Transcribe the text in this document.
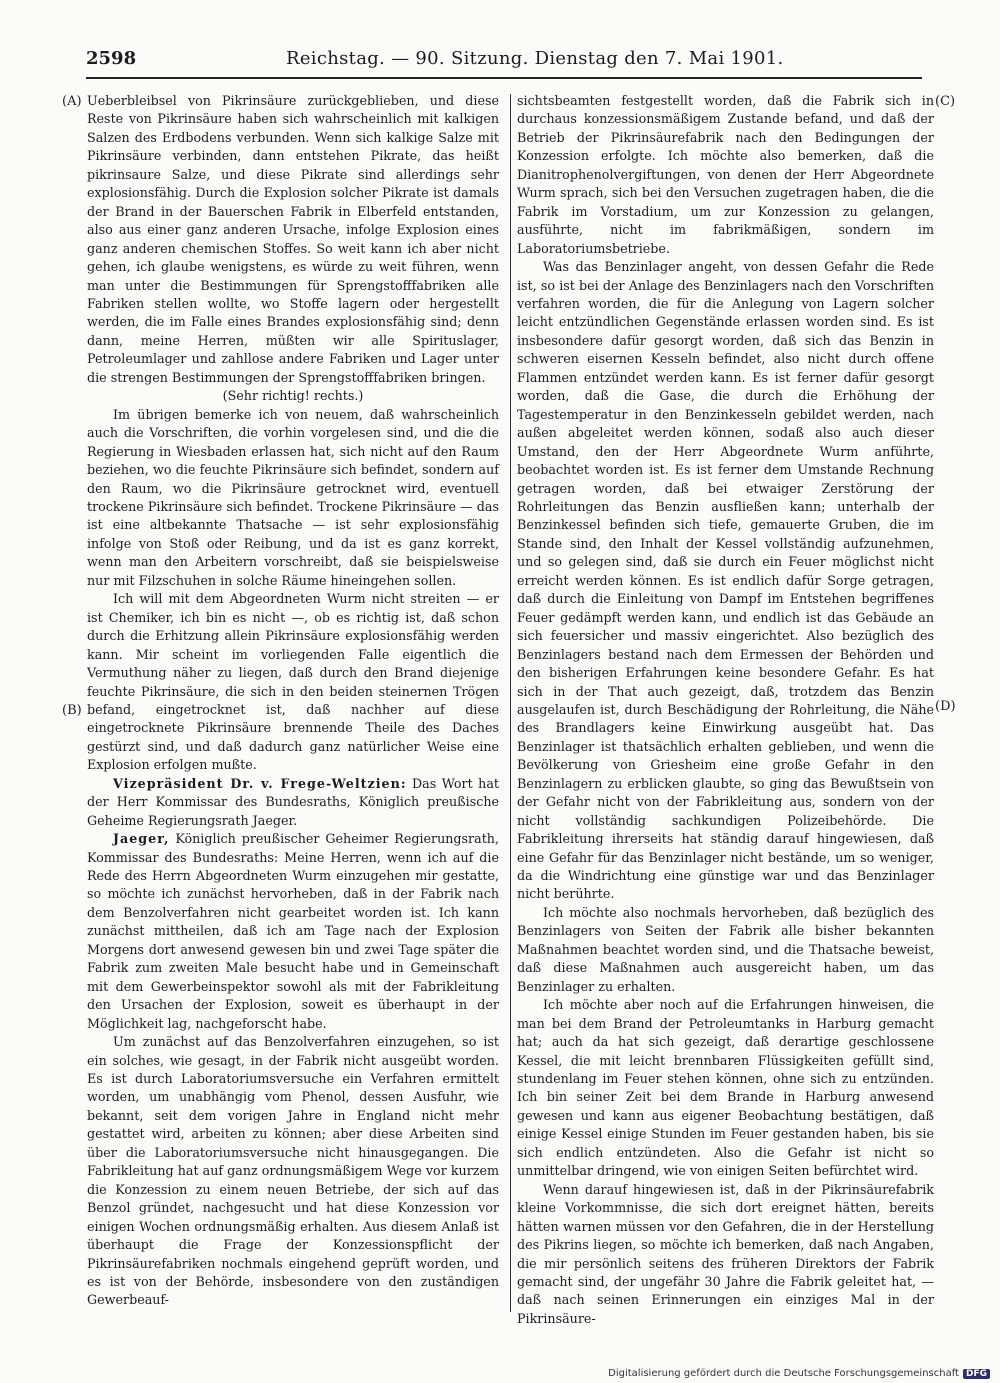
2598	Reichstag. — 90. Sitzung. Dienstag den 7. Mai 1901.
(A)
(B)
(C)
(D)

Ueberbleibsel von Pikrinsäure zurückgeblieben, und diese Reste von Pikrinsäure haben sich wahrscheinlich mit kalkigen Salzen des Erdbodens verbunden. Wenn sich kalkige Salze mit Pikrinsäure verbinden, dann entstehen Pikrate, das heißt pikrinsaure Salze, und diese Pikrate sind allerdings sehr explosionsfähig. Durch die Explosion solcher Pikrate ist damals der Brand in der Bauerschen Fabrik in Elberfeld entstanden, also aus einer ganz anderen Ursache, infolge Explosion eines ganz anderen chemischen Stoffes. So weit kann ich aber nicht gehen, ich glaube wenigstens, es würde zu weit führen, wenn man unter die Bestimmungen für Sprengstofffabriken alle Fabriken stellen wollte, wo Stoffe lagern oder hergestellt werden, die im Falle eines Brandes explosionsfähig sind; denn dann, meine Herren, müßten wir alle Spirituslager, Petroleumlager und zahllose andere Fabriken und Lager unter die strengen Bestimmungen der Sprengstofffabriken bringen.

(Sehr richtig! rechts.)

Im übrigen bemerke ich von neuem, daß wahrscheinlich auch die Vorschriften, die vorhin vorgelesen sind, und die die Regierung in Wiesbaden erlassen hat, sich nicht auf den Raum beziehen, wo die feuchte Pikrinsäure sich befindet, sondern auf den Raum, wo die Pikrinsäure getrocknet wird, eventuell trockene Pikrinsäure sich befindet. Trockene Pikrinsäure — das ist eine altbekannte Thatsache — ist sehr explosionsfähig infolge von Stoß oder Reibung, und da ist es ganz korrekt, wenn man den Arbeitern vorschreibt, daß sie beispielsweise nur mit Filzschuhen in solche Räume hineingehen sollen.

Ich will mit dem Abgeordneten Wurm nicht streiten — er ist Chemiker, ich bin es nicht —, ob es richtig ist, daß schon durch die Erhitzung allein Pikrinsäure explosionsfähig werden kann. Mir scheint im vorliegenden Falle eigentlich die Vermuthung näher zu liegen, daß durch den Brand diejenige feuchte Pikrinsäure, die sich in den beiden steinernen Trögen befand, eingetrocknet ist, daß nachher auf diese eingetrocknete Pikrinsäure brennende Theile des Daches gestürzt sind, und daß dadurch ganz natürlicher Weise eine Explosion erfolgen mußte.

Vizepräsident Dr. v. Frege-Weltzien: Das Wort hat der Herr Kommissar des Bundesraths, Königlich preußische Geheime Regierungsrath Jaeger.

Jaeger, Königlich preußischer Geheimer Regierungsrath, Kommissar des Bundesraths: Meine Herren, wenn ich auf die Rede des Herrn Abgeordneten Wurm einzugehen mir gestatte, so möchte ich zunächst hervorheben, daß in der Fabrik nach dem Benzolverfahren nicht gearbeitet worden ist. Ich kann zunächst mittheilen, daß ich am Tage nach der Explosion Morgens dort anwesend gewesen bin und zwei Tage später die Fabrik zum zweiten Male besucht habe und in Gemeinschaft mit dem Gewerbeinspektor sowohl als mit der Fabrikleitung den Ursachen der Explosion, soweit es überhaupt in der Möglichkeit lag, nachgeforscht habe.

Um zunächst auf das Benzolverfahren einzugehen, so ist ein solches, wie gesagt, in der Fabrik nicht ausgeübt worden. Es ist durch Laboratoriumsversuche ein Verfahren ermittelt worden, um unabhängig vom Phenol, dessen Ausfuhr, wie bekannt, seit dem vorigen Jahre in England nicht mehr gestattet wird, arbeiten zu können; aber diese Arbeiten sind über die Laboratoriumsversuche nicht hinausgegangen. Die Fabrikleitung hat auf ganz ordnungsmäßigem Wege vor kurzem die Konzession zu einem neuen Betriebe, der sich auf das Benzol gründet, nachgesucht und hat diese Konzession vor einigen Wochen ordnungsmäßig erhalten. Aus diesem Anlaß ist überhaupt die Frage der Konzessionspflicht der Pikrinsäurefabriken nochmals eingehend geprüft worden, und es ist von der Behörde, insbesondere von den zuständigen Gewerbeauf-

sichtsbeamten festgestellt worden, daß die Fabrik sich in durchaus konzessionsmäßigem Zustande befand, und daß der Betrieb der Pikrinsäurefabrik nach den Bedingungen der Konzession erfolgte. Ich möchte also bemerken, daß die Dianitrophenolvergiftungen, von denen der Herr Abgeordnete Wurm sprach, sich bei den Versuchen zugetragen haben, die die Fabrik im Vorstadium, um zur Konzession zu gelangen, ausführte, nicht im fabrikmäßigen, sondern im Laboratoriumsbetriebe.

Was das Benzinlager angeht, von dessen Gefahr die Rede ist, so ist bei der Anlage des Benzinlagers nach den Vorschriften verfahren worden, die für die Anlegung von Lagern solcher leicht entzündlichen Gegenstände erlassen worden sind. Es ist insbesondere dafür gesorgt worden, daß sich das Benzin in schweren eisernen Kesseln befindet, also nicht durch offene Flammen entzündet werden kann. Es ist ferner dafür gesorgt worden, daß die Gase, die durch die Erhöhung der Tagestemperatur in den Benzinkesseln gebildet werden, nach außen abgeleitet werden können, sodaß also auch dieser Umstand, den der Herr Abgeordnete Wurm anführte, beobachtet worden ist. Es ist ferner dem Umstande Rechnung getragen worden, daß bei etwaiger Zerstörung der Rohrleitungen das Benzin ausfließen kann; unterhalb der Benzinkessel befinden sich tiefe, gemauerte Gruben, die im Stande sind, den Inhalt der Kessel vollständig aufzunehmen, und so gelegen sind, daß sie durch ein Feuer möglichst nicht erreicht werden können. Es ist endlich dafür Sorge getragen, daß durch die Einleitung von Dampf im Entstehen begriffenes Feuer gedämpft werden kann, und endlich ist das Gebäude an sich feuersicher und massiv eingerichtet. Also bezüglich des Benzinlagers bestand nach dem Ermessen der Behörden und den bisherigen Erfahrungen keine besondere Gefahr. Es hat sich in der That auch gezeigt, daß, trotzdem das Benzin ausgelaufen ist, durch Beschädigung der Rohrleitung, die Nähe des Brandlagers keine Einwirkung ausgeübt hat. Das Benzinlager ist thatsächlich erhalten geblieben, und wenn die Bevölkerung von Griesheim eine große Gefahr in den Benzinlagern zu erblicken glaubte, so ging das Bewußtsein von der Gefahr nicht von der Fabrikleitung aus, sondern von der nicht vollständig sachkundigen Polizeibehörde. Die Fabrikleitung ihrerseits hat ständig darauf hingewiesen, daß eine Gefahr für das Benzinlager nicht bestände, um so weniger, da die Windrichtung eine günstige war und das Benzinlager nicht berührte.

Ich möchte also nochmals hervorheben, daß bezüglich des Benzinlagers von Seiten der Fabrik alle bisher bekannten Maßnahmen beachtet worden sind, und die Thatsache beweist, daß diese Maßnahmen auch ausgereicht haben, um das Benzinlager zu erhalten.

Ich möchte aber noch auf die Erfahrungen hinweisen, die man bei dem Brand der Petroleumtanks in Harburg gemacht hat; auch da hat sich gezeigt, daß derartige geschlossene Kessel, die mit leicht brennbaren Flüssigkeiten gefüllt sind, stundenlang im Feuer stehen können, ohne sich zu entzünden. Ich bin seiner Zeit bei dem Brande in Harburg anwesend gewesen und kann aus eigener Beobachtung bestätigen, daß einige Kessel einige Stunden im Feuer gestanden haben, bis sie sich endlich entzündeten. Also die Gefahr ist nicht so unmittelbar dringend, wie von einigen Seiten befürchtet wird.

Wenn darauf hingewiesen ist, daß in der Pikrinsäurefabrik kleine Vorkommnisse, die sich dort ereignet hätten, bereits hätten warnen müssen vor den Gefahren, die in der Herstellung des Pikrins liegen, so möchte ich bemerken, daß nach Angaben, die mir persönlich seitens des früheren Direktors der Fabrik gemacht sind, der ungefähr 30 Jahre die Fabrik geleitet hat, — daß nach seinen Erinnerungen ein einziges Mal in der Pikrinsäure-

Digitalisierung gefördert durch die Deutsche Forschungsgemeinschaft DFG
